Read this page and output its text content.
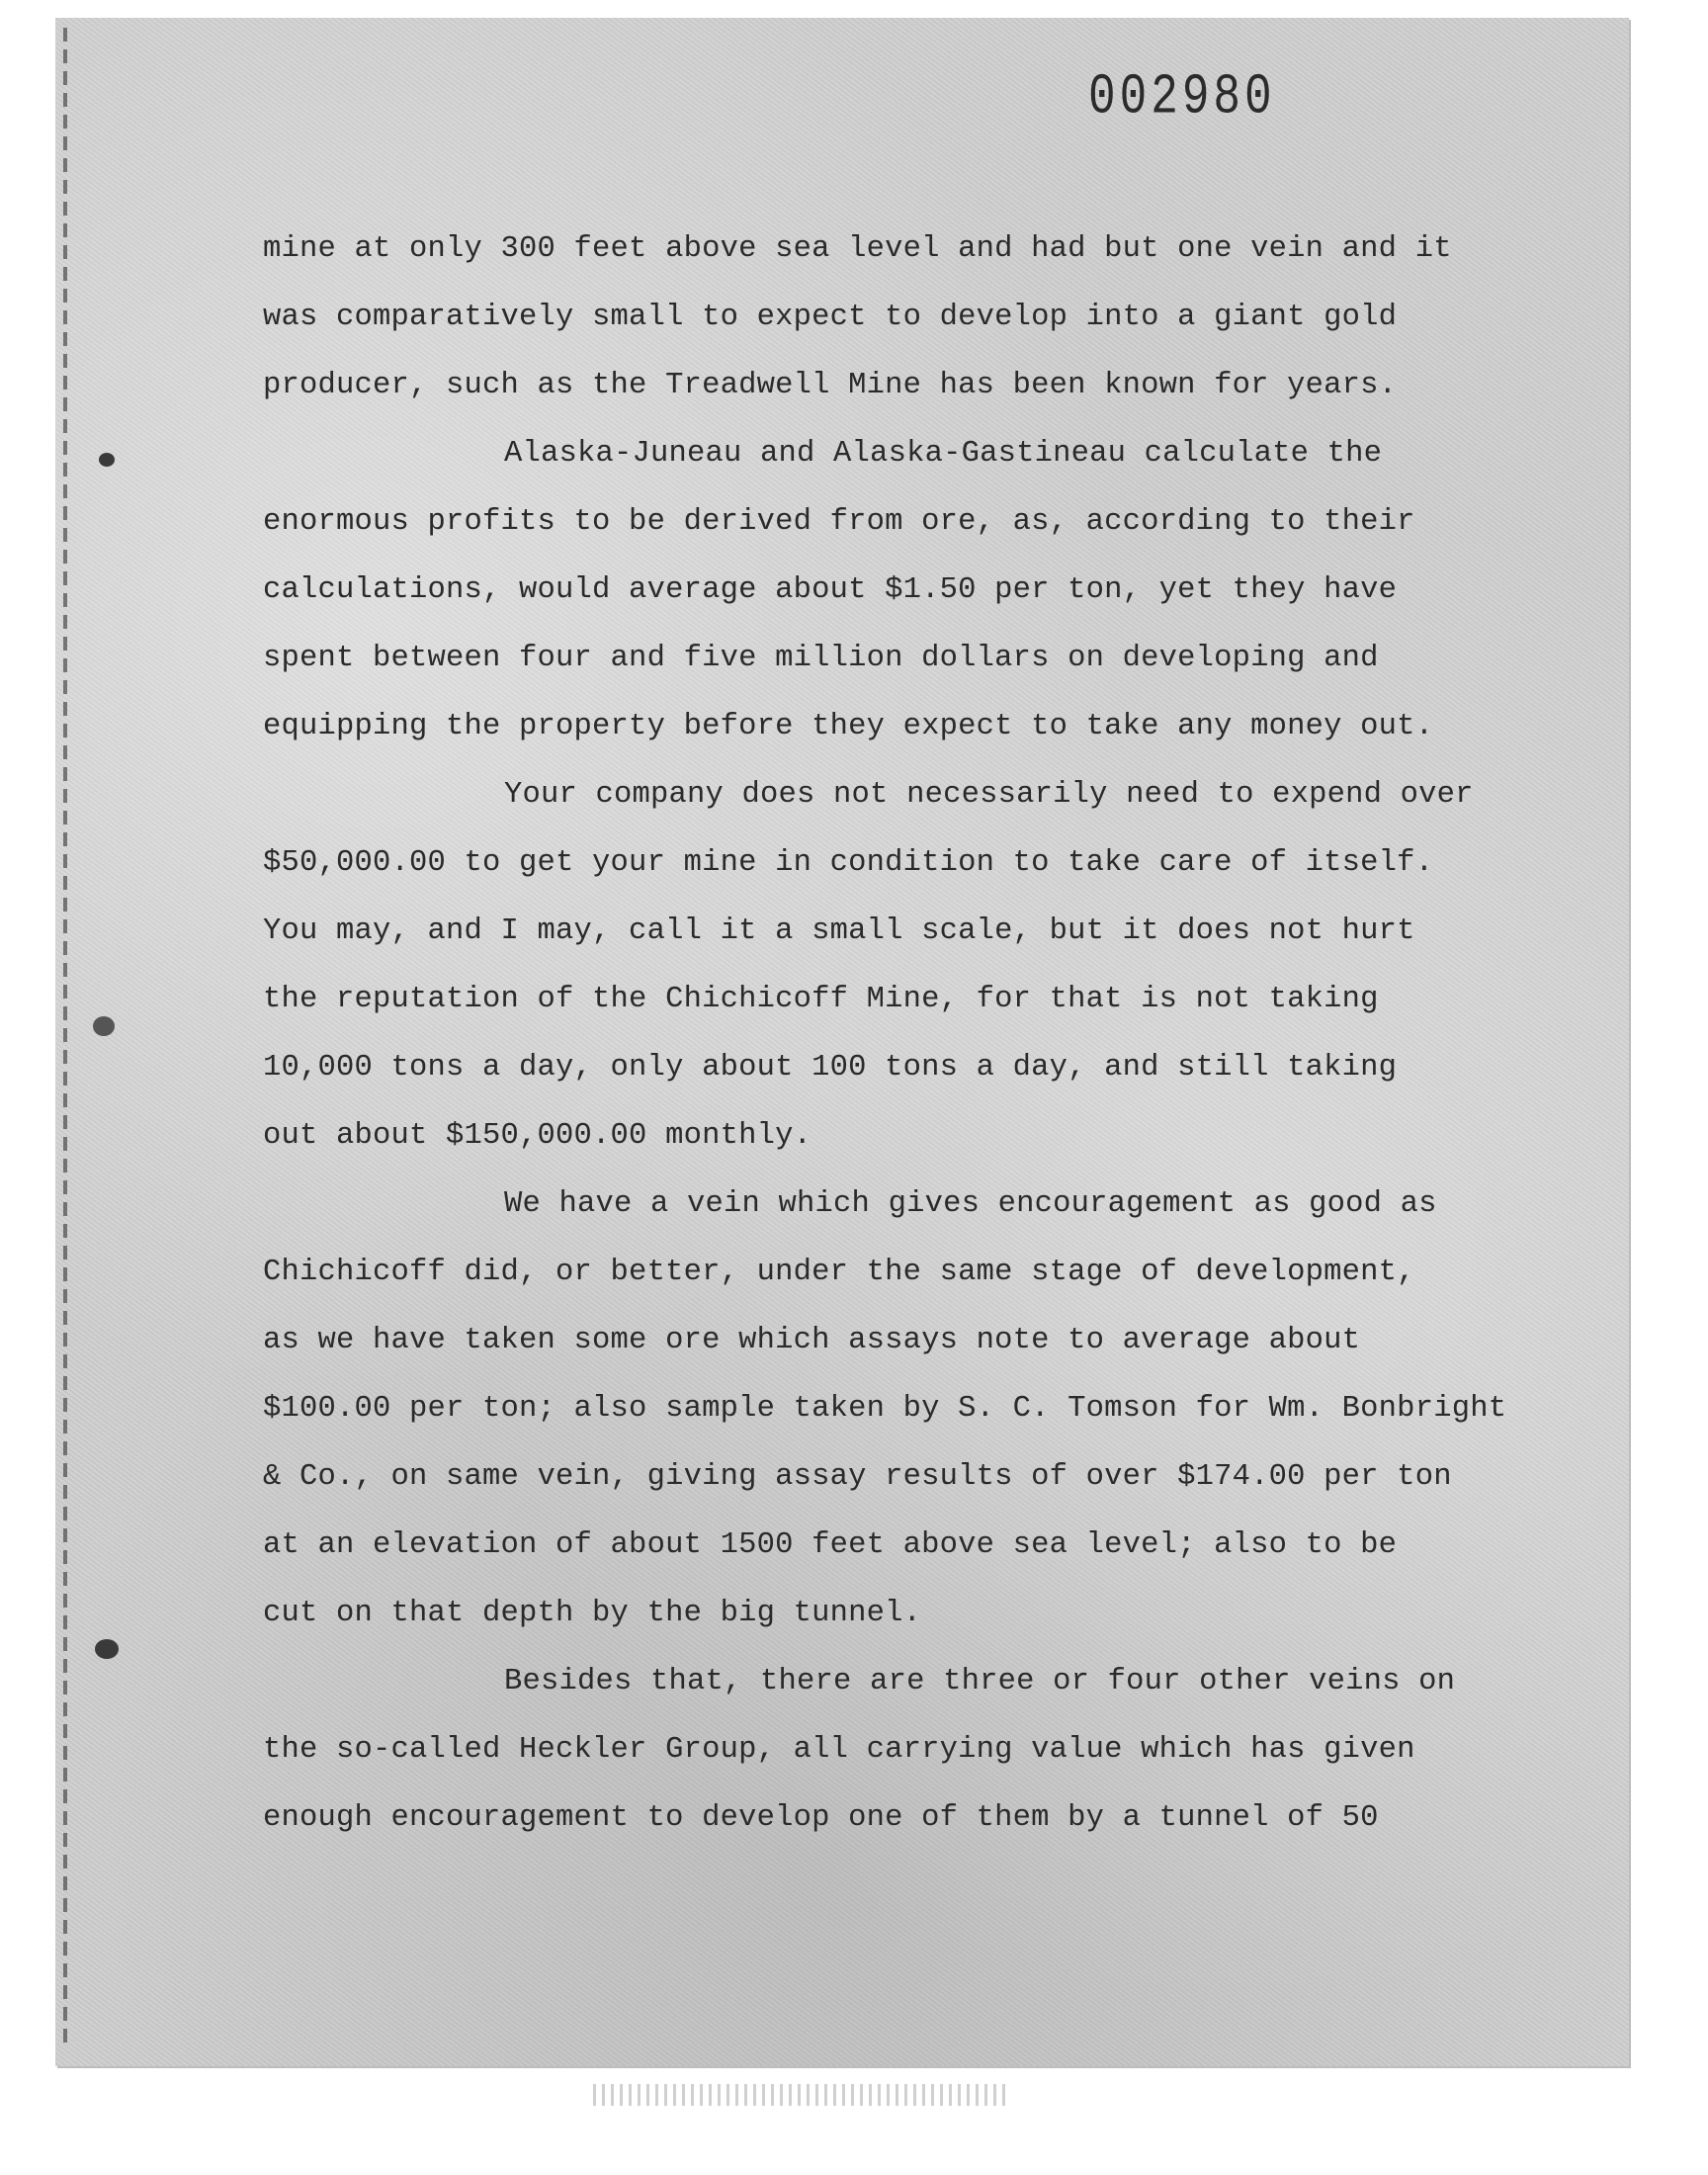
002980
mine at only 300 feet above sea level and had but one vein and it
was comparatively small to expect to develop into a giant gold
producer, such as the Treadwell Mine has been known for years.
Alaska-Juneau and Alaska-Gastineau calculate the
enormous profits to be derived from ore, as, according to their
calculations, would average about $1.50 per ton, yet they have
spent between four and five million dollars on developing and
equipping the property before they expect to take any money out.
Your company does not necessarily need to expend over
$50,000.00 to get your mine in condition to take care of itself.
You may, and I may, call it a small scale, but it does not hurt
the reputation of the Chichicoff Mine, for that is not taking
10,000 tons a day, only about 100 tons a day, and still taking
out about $150,000.00 monthly.
We have a vein which gives encouragement as good as
Chichicoff did, or better, under the same stage of development,
as we have taken some ore which assays note to average about
$100.00 per ton; also sample taken by S. C. Tomson for Wm. Bonbright
& Co., on same vein, giving assay results of over $174.00 per ton
at an elevation of about 1500 feet above sea level; also to be
cut on that depth by the big tunnel.
Besides that, there are three or four other veins on
the so-called Heckler Group, all carrying value which has given
enough encouragement to develop one of them by a tunnel of 50
